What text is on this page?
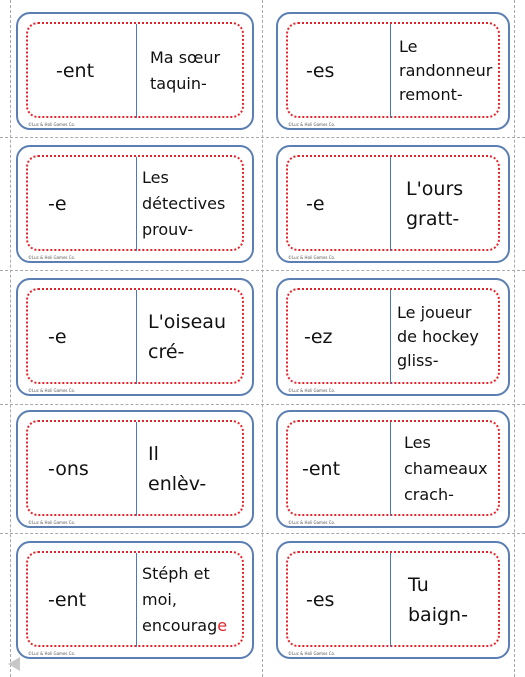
-ent
Ma sœur
taquin-
©Luc & Holi Games Co.
-es
Le
randonneur
remont-
©Luc & Holi Games Co.
-e
Les
détectives
prouv-
©Luc & Holi Games Co.
-e
L'ours
gratt-
©Luc & Holi Games Co.
-e
L'oiseau
cré-
©Luc & Holi Games Co.
-ez
Le joueur
de hockey
gliss-
©Luc & Holi Games Co.
-ons
Il
enlèv-
©Luc & Holi Games Co.
-ent
Les
chameaux
crach-
©Luc & Holi Games Co.
-ent
Stéph et
moi,
encourage
©Luc & Holi Games Co.
-es
Tu
baign-
©Luc & Holi Games Co.
